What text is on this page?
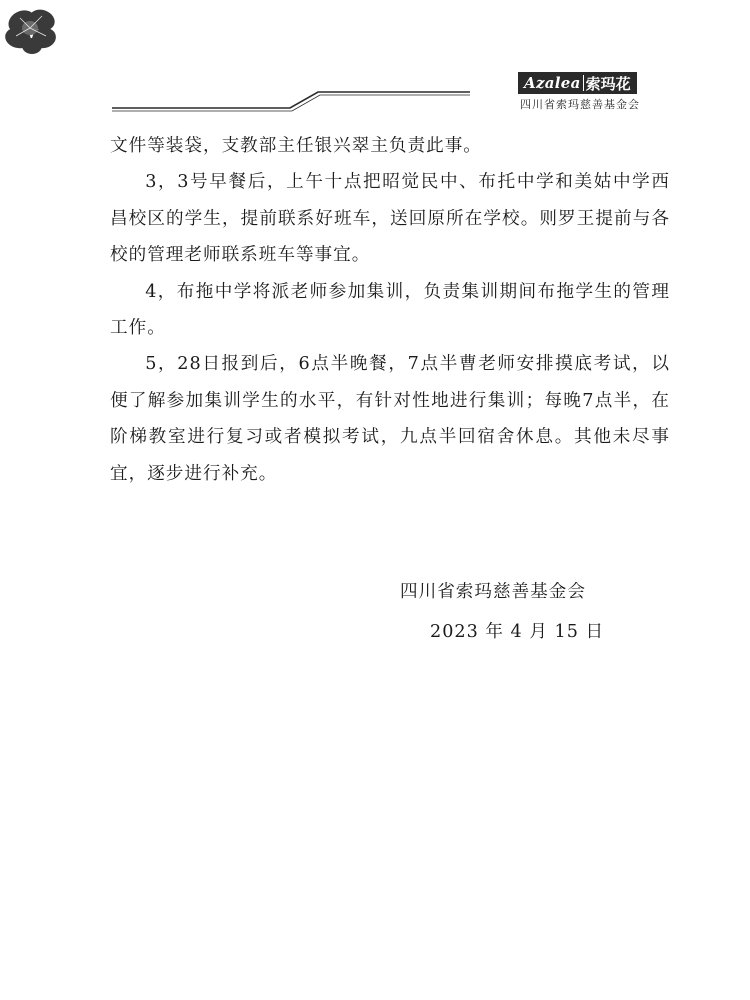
Azalea 索玛花
四川省索玛慈善基金会

文件等装袋，支教部主任银兴翠主负责此事。

3，3号早餐后，上午十点把昭觉民中、布托中学和美姑中学西昌校区的学生，提前联系好班车，送回原所在学校。则罗王提前与各校的管理老师联系班车等事宜。

4，布拖中学将派老师参加集训，负责集训期间布拖学生的管理工作。

5，28日报到后，6点半晚餐，7点半曹老师安排摸底考试，以便了解参加集训学生的水平，有针对性地进行集训；每晚7点半，在阶梯教室进行复习或者模拟考试，九点半回宿舍休息。其他未尽事宜，逐步进行补充。

四川省索玛慈善基金会
2023 年 4 月 15 日
